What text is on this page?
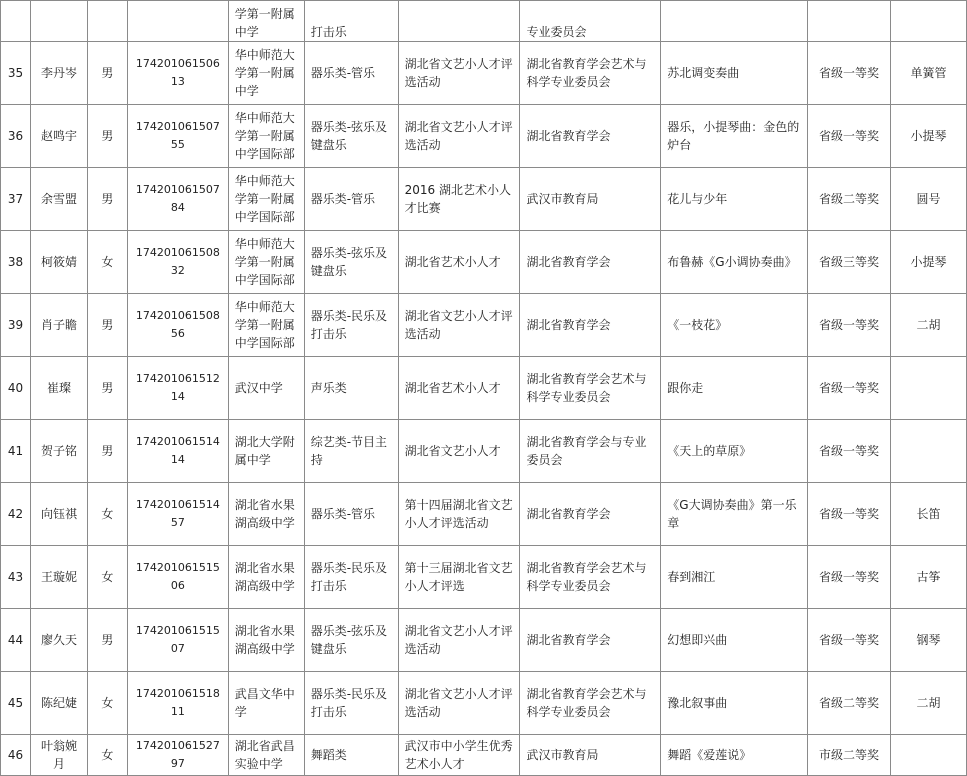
				学第一附属中学	打击乐		专业委员会			
35	李丹岑	男	17420106150613	华中师范大学第一附属中学	器乐类-管乐	湖北省文艺小人才评选活动	湖北省教育学会艺术与科学专业委员会	苏北调变奏曲	省级一等奖	单簧管
36	赵鸣宇	男	17420106150755	华中师范大学第一附属中学国际部	器乐类-弦乐及键盘乐	湖北省文艺小人才评选活动	湖北省教育学会	器乐，小提琴曲：金色的炉台	省级一等奖	小提琴
37	余雪盟	男	17420106150784	华中师范大学第一附属中学国际部	器乐类-管乐	2016 湖北艺术小人才比赛	武汉市教育局	花儿与少年	省级二等奖	圆号
38	柯筱婧	女	17420106150832	华中师范大学第一附属中学国际部	器乐类-弦乐及键盘乐	湖北省艺术小人才	湖北省教育学会	布鲁赫《G小调协奏曲》	省级三等奖	小提琴
39	肖子瞻	男	17420106150856	华中师范大学第一附属中学国际部	器乐类-民乐及打击乐	湖北省文艺小人才评选活动	湖北省教育学会	《一枝花》	省级一等奖	二胡
40	崔璨	男	17420106151214	武汉中学	声乐类	湖北省艺术小人才	湖北省教育学会艺术与科学专业委员会	跟你走	省级一等奖	
41	贺子铭	男	17420106151414	湖北大学附属中学	综艺类-节目主持	湖北省文艺小人才	湖北省教育学会与专业委员会	《天上的草原》	省级一等奖	
42	向钰祺	女	17420106151457	湖北省水果湖高级中学	器乐类-管乐	第十四届湖北省文艺小人才评选活动	湖北省教育学会	《G大调协奏曲》第一乐章	省级一等奖	长笛
43	王璇妮	女	17420106151506	湖北省水果湖高级中学	器乐类-民乐及打击乐	第十三届湖北省文艺小人才评选	湖北省教育学会艺术与科学专业委员会	春到湘江	省级一等奖	古筝
44	廖久天	男	17420106151507	湖北省水果湖高级中学	器乐类-弦乐及键盘乐	湖北省文艺小人才评选活动	湖北省教育学会	幻想即兴曲	省级一等奖	钢琴
45	陈纪婕	女	17420106151811	武昌文华中学	器乐类-民乐及打击乐	湖北省文艺小人才评选活动	湖北省教育学会艺术与科学专业委员会	豫北叙事曲	省级二等奖	二胡
46	叶翁婉月	女	17420106152797	湖北省武昌实验中学	舞蹈类	武汉市中小学生优秀艺术小人才	武汉市教育局	舞蹈《爱莲说》	市级二等奖	
